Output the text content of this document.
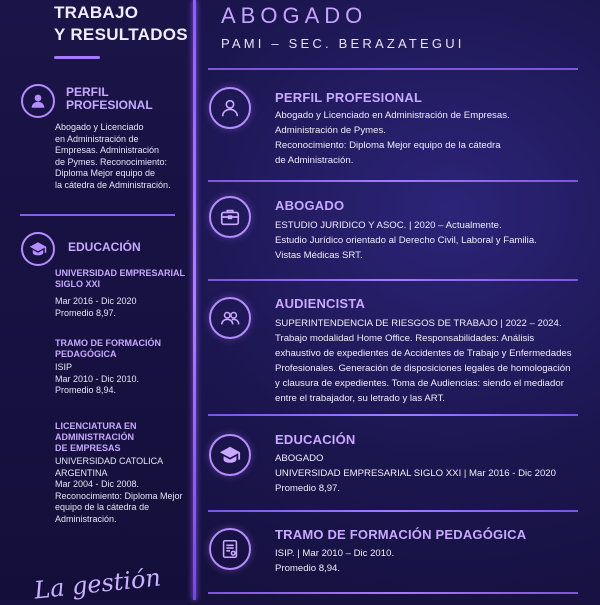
TRABAJO
Y RESULTADOS
PERFIL
PROFESIONAL
Abogado y Licenciado
en Administración de
Empresas. Administración
de Pymes. Reconocimiento:
Diploma Mejor equipo de
la cátedra de Administración.
EDUCACIÓN
UNIVERSIDAD EMPRESARIAL
SIGLO XXI
Mar 2016 - Dic 2020
Promedio 8,97.
TRAMO DE FORMACIÓN
PEDAGÓGICA
ISIP
Mar 2010 - Dic 2010.
Promedio 8,94.
LICENCIATURA EN
ADMINISTRACIÓN
DE EMPRESAS
UNIVERSIDAD CATOLICA
ARGENTINA
Mar 2004 - Dic 2008.
Reconocimiento: Diploma Mejor
equipo de la cátedra de
Administración.
La gestión
ABOGADO
PAMI – SEC. BERAZATEGUI
PERFIL PROFESIONAL
Abogado y Licenciado en Administración de Empresas.
Administración de Pymes.
Reconocimiento: Diploma Mejor equipo de la cátedra
de Administración.
ABOGADO
ESTUDIO JURIDICO Y ASOC. | 2020 – Actualmente.
Estudio Jurídico orientado al Derecho Civil, Laboral y Familia.
Vistas Médicas SRT.
AUDIENCISTA
SUPERINTENDENCIA DE RIESGOS DE TRABAJO | 2022 – 2024.
Trabajo modalidad Home Office. Responsabilidades: Análisis
exhaustivo de expedientes de Accidentes de Trabajo y Enfermedades
Profesionales. Generación de disposiciones legales de homologación
y clausura de expedientes. Toma de Audiencias: siendo el mediador
entre el trabajador, su letrado y las ART.
EDUCACIÓN
ABOGADO
UNIVERSIDAD EMPRESARIAL SIGLO XXI | Mar 2016 - Dic 2020
Promedio 8,97.
TRAMO DE FORMACIÓN PEDAGÓGICA
ISIP. | Mar 2010 – Dic 2010.
Promedio 8,94.
